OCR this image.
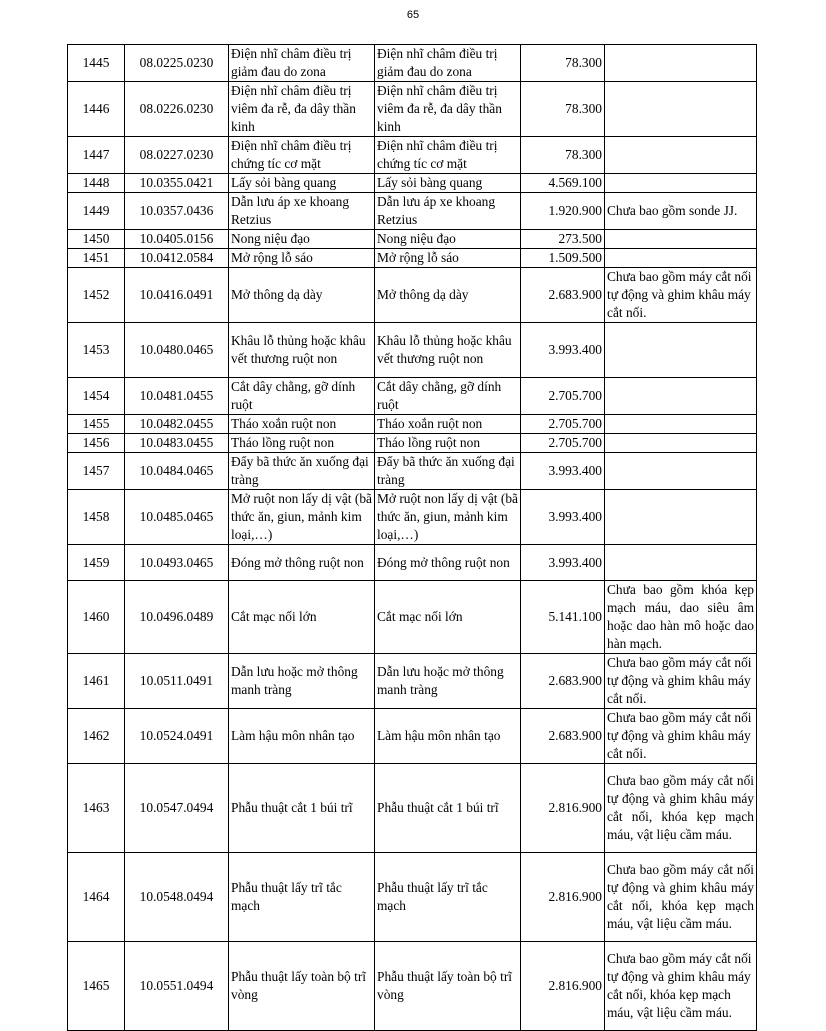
65
1445	08.0225.0230	Điện nhĩ châm điều trị giảm đau do zona	Điện nhĩ châm điều trị giảm đau do zona	78.300	
1446	08.0226.0230	Điện nhĩ châm điều trị viêm đa rễ, đa dây thần kinh	Điện nhĩ châm điều trị viêm đa rễ, đa dây thần kinh	78.300	
1447	08.0227.0230	Điện nhĩ châm điều trị chứng tíc cơ mặt	Điện nhĩ châm điều trị chứng tíc cơ mặt	78.300	
1448	10.0355.0421	Lấy sỏi bàng quang	Lấy sỏi bàng quang	4.569.100	
1449	10.0357.0436	Dẫn lưu áp xe khoang Retzius	Dẫn lưu áp xe khoang Retzius	1.920.900	Chưa bao gồm sonde JJ.
1450	10.0405.0156	Nong niệu đạo	Nong niệu đạo	273.500	
1451	10.0412.0584	Mở rộng lỗ sáo	Mở rộng lỗ sáo	1.509.500	
1452	10.0416.0491	Mở thông dạ dày	Mở thông dạ dày	2.683.900	Chưa bao gồm máy cắt nối tự động và ghim khâu máy cắt nối.
1453	10.0480.0465	Khâu lỗ thủng hoặc khâu vết thương ruột non	Khâu lỗ thủng hoặc khâu vết thương ruột non	3.993.400	
1454	10.0481.0455	Cắt dây chằng, gỡ dính ruột	Cắt dây chằng, gỡ dính ruột	2.705.700	
1455	10.0482.0455	Tháo xoắn ruột non	Tháo xoắn ruột non	2.705.700	
1456	10.0483.0455	Tháo lồng ruột non	Tháo lồng ruột non	2.705.700	
1457	10.0484.0465	Đẩy bã thức ăn xuống đại tràng	Đẩy bã thức ăn xuống đại tràng	3.993.400	
1458	10.0485.0465	Mở ruột non lấy dị vật (bã thức ăn, giun, mảnh kim loại,…)	Mở ruột non lấy dị vật (bã thức ăn, giun, mảnh kim loại,…)	3.993.400	
1459	10.0493.0465	Đóng mở thông ruột non	Đóng mở thông ruột non	3.993.400	
1460	10.0496.0489	Cắt mạc nối lớn	Cắt mạc nối lớn	5.141.100	Chưa bao gồm khóa kẹp mạch máu, dao siêu âm hoặc dao hàn mô hoặc dao hàn mạch.
1461	10.0511.0491	Dẫn lưu hoặc mở thông manh tràng	Dẫn lưu hoặc mở thông manh tràng	2.683.900	Chưa bao gồm máy cắt nối tự động và ghim khâu máy cắt nối.
1462	10.0524.0491	Làm hậu môn nhân tạo	Làm hậu môn nhân tạo	2.683.900	Chưa bao gồm máy cắt nối tự động và ghim khâu máy cắt nối.
1463	10.0547.0494	Phẫu thuật cắt 1 búi trĩ	Phẫu thuật cắt 1 búi trĩ	2.816.900	Chưa bao gồm máy cắt nối tự động và ghim khâu máy cắt nối, khóa kẹp mạch máu, vật liệu cầm máu.
1464	10.0548.0494	Phẫu thuật lấy trĩ tắc mạch	Phẫu thuật lấy trĩ tắc mạch	2.816.900	Chưa bao gồm máy cắt nối tự động và ghim khâu máy cắt nối, khóa kẹp mạch máu, vật liệu cầm máu.
1465	10.0551.0494	Phẫu thuật lấy toàn bộ trĩ vòng	Phẫu thuật lấy toàn bộ trĩ vòng	2.816.900	Chưa bao gồm máy cắt nối tự động và ghim khâu máy cắt nối, khóa kẹp mạch máu, vật liệu cầm máu.
